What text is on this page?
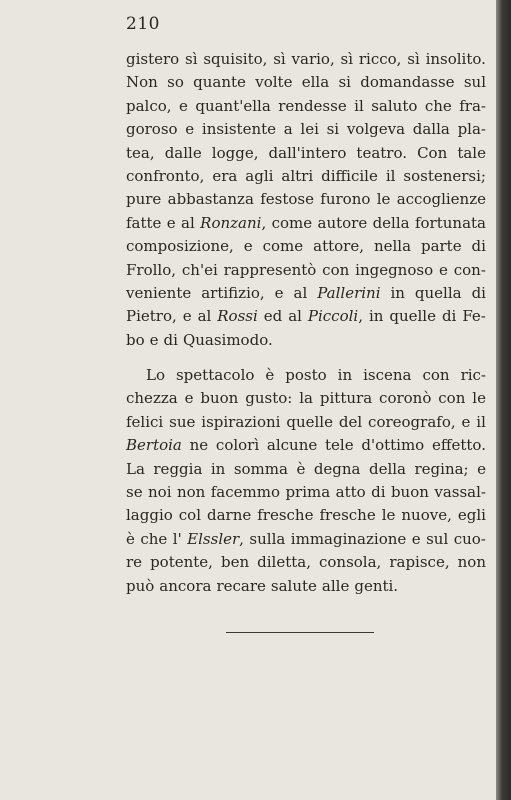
210
gistero sì squisito, sì vario, sì ricco, sì insolito.
Non so quante volte ella si domandasse sul
palco, e quant'ella rendesse il saluto che fra-
goroso e insistente a lei si volgeva dalla pla-
tea, dalle logge, dall'intero teatro. Con tale
confronto, era agli altri difficile il sostenersi;
pure abbastanza festose furono le accoglienze
fatte e al Ronzani, come autore della fortunata
composizione, e come attore, nella parte di
Frollo, ch'ei rappresentò con ingegnoso e con-
veniente artifizio, e al Pallerini in quella di
Pietro, e al Rossi ed al Piccoli, in quelle di Fe-
bo e di Quasimodo.
Lo spettacolo è posto in iscena con ric-
chezza e buon gusto: la pittura coronò con le
felici sue ispirazioni quelle del coreografo, e il
Bertoia ne colorì alcune tele d'ottimo effetto.
La reggia in somma è degna della regina; e
se noi non facemmo prima atto di buon vassal-
laggio col darne fresche fresche le nuove, egli
è che l' Elssler, sulla immaginazione e sul cuo-
re potente, ben diletta, consola, rapisce, non
può ancora recare salute alle genti.
